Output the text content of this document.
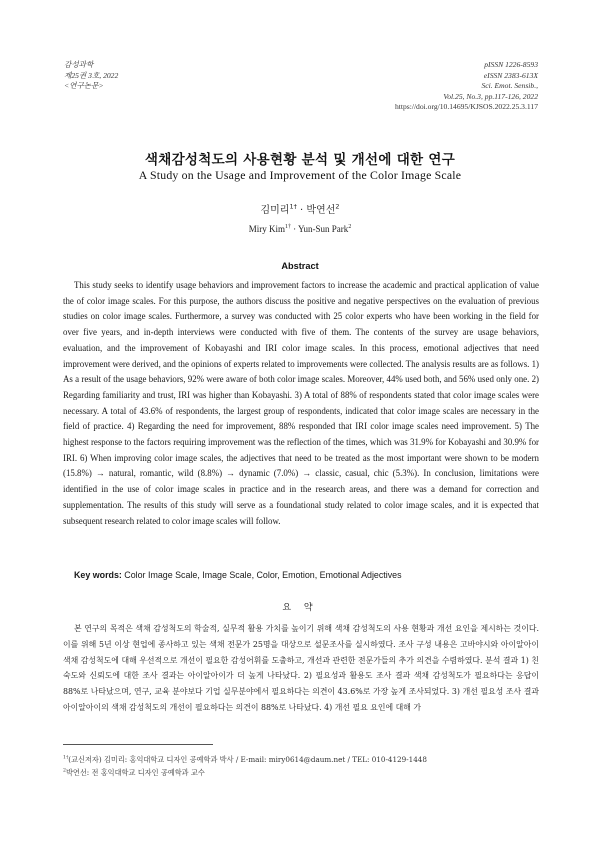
감성과학
제25권 3호, 2022
<연구논문>
pISSN 1226-8593
eISSN 2383-613X
Sci. Emot. Sensib.,
Vol.25, No.3, pp.117-126, 2022
https://doi.org/10.14695/KJSOS.2022.25.3.117
색채감성척도의 사용현황 분석 및 개선에 대한 연구
A Study on the Usage and Improvement of the Color Image Scale
김미리$^{1\dagger}$ · 박연선$^2$
Miry Kim$^{1\dagger}$ · Yun-Sun Park$^2$
Abstract
This study seeks to identify usage behaviors and improvement factors to increase the academic and practical application of value the of color image scales. For this purpose, the authors discuss the positive and negative perspectives on the evaluation of previous studies on color image scales. Furthermore, a survey was conducted with 25 color experts who have been working in the field for over five years, and in-depth interviews were conducted with five of them. The contents of the survey are usage behaviors, evaluation, and the improvement of Kobayashi and IRI color image scales. In this process, emotional adjectives that need improvement were derived, and the opinions of experts related to improvements were collected. The analysis results are as follows. 1) As a result of the usage behaviors, 92% were aware of both color image scales. Moreover, 44% used both, and 56% used only one. 2) Regarding familiarity and trust, IRI was higher than Kobayashi. 3) A total of 88% of respondents stated that color image scales were necessary. A total of 43.6% of respondents, the largest group of respondents, indicated that color image scales are necessary in the field of practice. 4) Regarding the need for improvement, 88% responded that IRI color image scales need improvement. 5) The highest response to the factors requiring improvement was the reflection of the times, which was 31.9% for Kobayashi and 30.9% for IRI. 6) When improving color image scales, the adjectives that need to be treated as the most important were shown to be modern (15.8%) → natural, romantic, wild (8.8%) → dynamic (7.0%) → classic, casual, chic (5.3%). In conclusion, limitations were identified in the use of color image scales in practice and in the research areas, and there was a demand for correction and supplementation. The results of this study will serve as a foundational study related to color image scales, and it is expected that subsequent research related to color image scales will follow.
Key words: Color Image Scale, Image Scale, Color, Emotion, Emotional Adjectives
요 약
본 연구의 목적은 색채 감성척도의 학술적, 실무적 활용 가치를 높이기 위해 색채 감성척도의 사용 현황과 개선 요인을 제시하는 것이다. 이를 위해 5년 이상 현업에 종사하고 있는 색채 전문가 25명을 대상으로 설문조사를 실시하였다. 조사 구성 내용은 고바야시와 아이알아이 색채 감성척도에 대해 우선적으로 개선이 필요한 감성어휘를 도출하고, 개선과 관련한 전문가들의 추가 의견을 수렴하였다. 분석 결과 1) 친숙도와 신뢰도에 대한 조사 결과는 아이알아이가 더 높게 나타났다. 2) 필요성과 활용도 조사 결과 색채 감성척도가 필요하다는 응답이 88%로 나타났으며, 연구, 교육 분야보다 기업 실무분야에서 필요하다는 의견이 43.6%로 가장 높게 조사되었다. 3) 개선 필요성 조사 결과 아이알아이의 색채 감성척도의 개선이 필요하다는 의견이 88%로 나타났다. 4) 개선 필요 요인에 대해 가
$^{1\dagger}$(교신저자) 김미리: 홍익대학교 디자인 공예학과 박사 / E-mail: miry0614@daum.net / TEL: 010-4129-1448
$^2$박연선: 전 홍익대학교 디자인 공예학과 교수
